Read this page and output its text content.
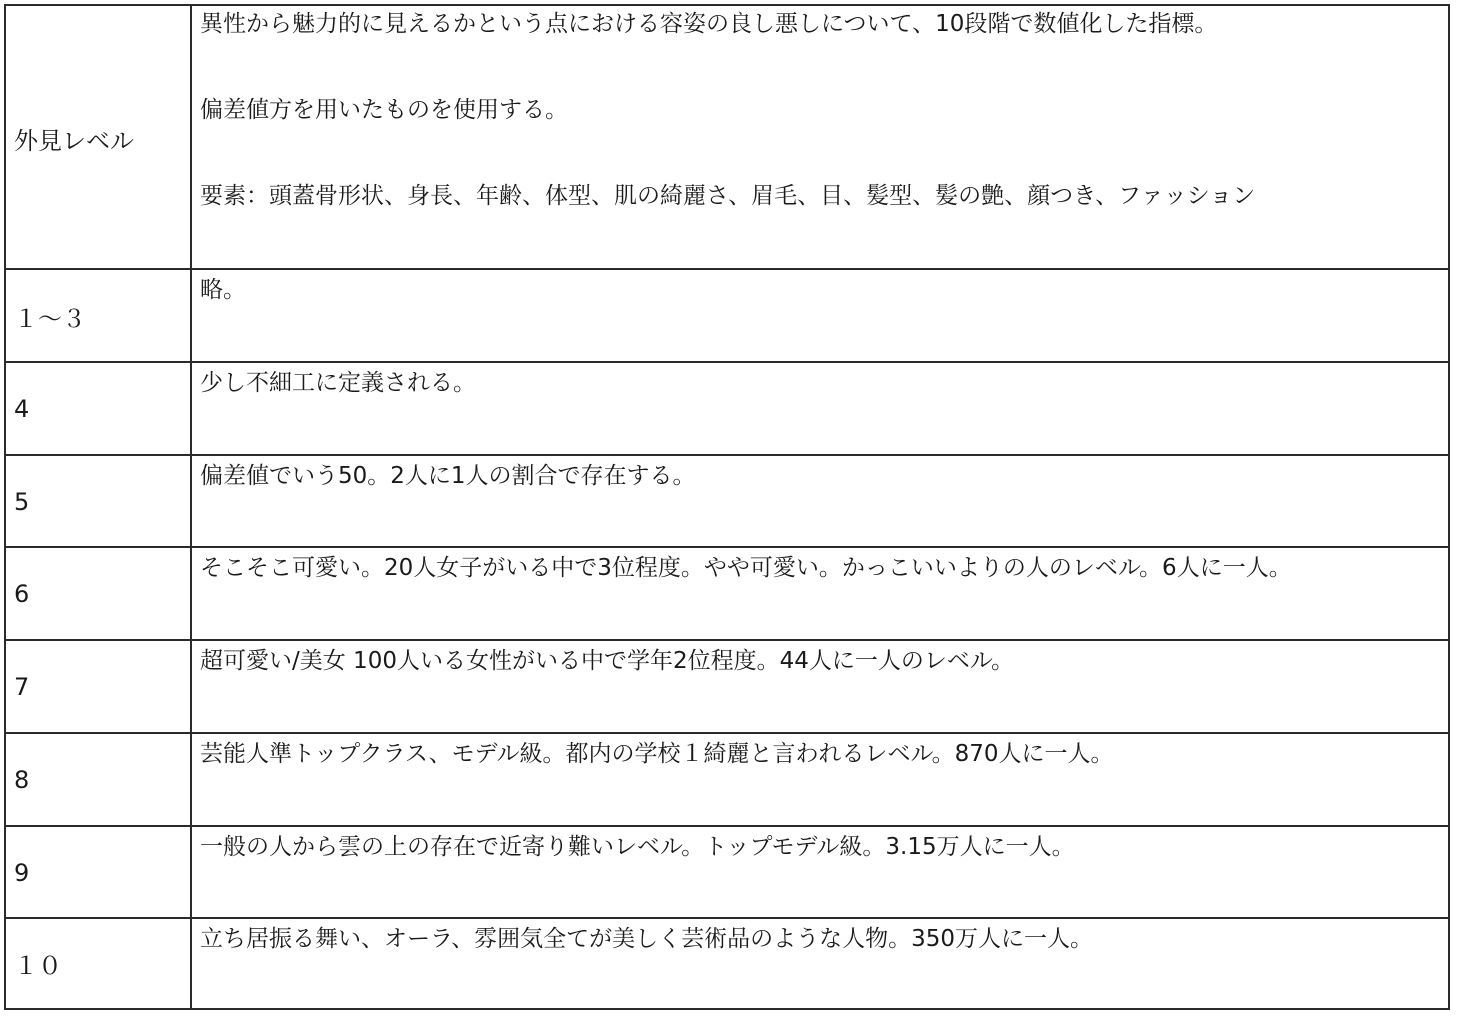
外見レベル

異性から魅力的に見えるかという点における容姿の良し悪しについて、10段階で数値化した指標。

偏差値方を用いたものを使用する。

要素：頭蓋骨形状、身長、年齢、体型、肌の綺麗さ、眉毛、目、髪型、髪の艶、顔つき、ファッション

１〜３

略。

4

少し不細工に定義される。

5

偏差値でいう50。2人に1人の割合で存在する。

6

そこそこ可愛い。20人女子がいる中で3位程度。やや可愛い。かっこいいよりの人のレベル。6人に一人。

7

超可愛い/美女 100人いる女性がいる中で学年2位程度。44人に一人のレベル。

8

芸能人準トップクラス、モデル級。都内の学校１綺麗と言われるレベル。870人に一人。

9

一般の人から雲の上の存在で近寄り難いレベル。トップモデル級。3.15万人に一人。

１０

立ち居振る舞い、オーラ、雰囲気全てが美しく芸術品のような人物。350万人に一人。
